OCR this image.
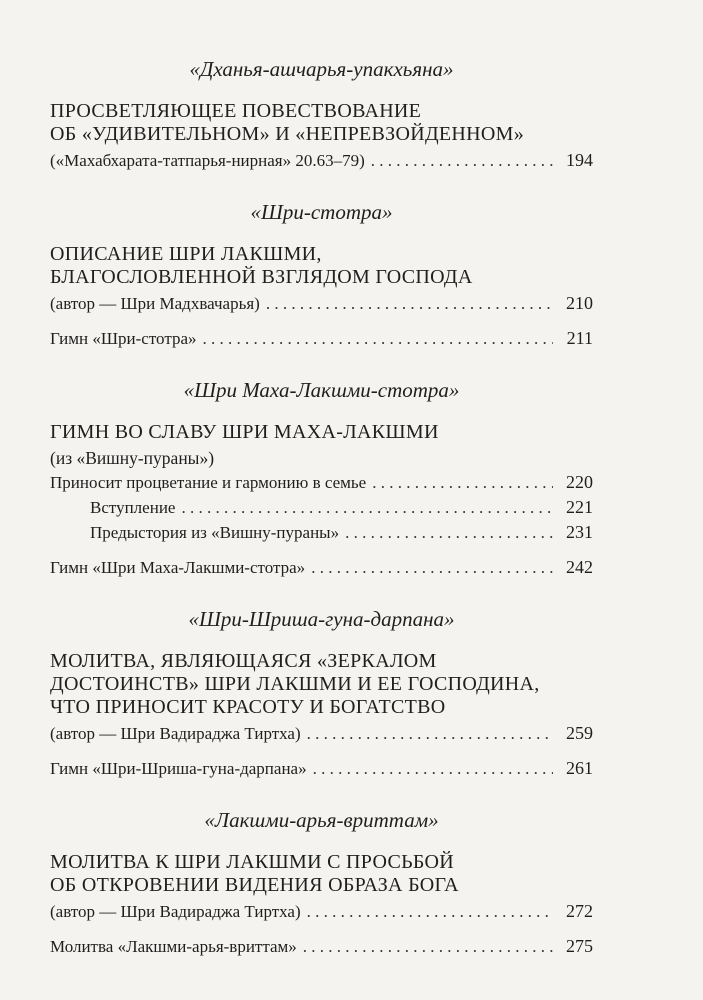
«Дханья-ашчарья-упакхьяна»
ПРОСВЕТЛЯЮЩЕЕ ПОВЕСТВОВАНИЕ
ОБ «УДИВИТЕЛЬНОМ» И «НЕПРЕВЗОЙДЕННОМ»
(«Махабхарата-татпарья-нирная» 20.63–79) . . .	194
«Шри-стотра»
ОПИСАНИЕ ШРИ ЛАКШМИ,
БЛАГОСЛОВЛЕННОЙ ВЗГЛЯДОМ ГОСПОДА
(автор — Шри Мадхвачарья) . . .	210
Гимн «Шри-стотра» . . .	211
«Шри Маха-Лакшми-стотра»
ГИМН ВО СЛАВУ ШРИ МАХА-ЛАКШМИ
(из «Вишну-пураны»)
Приносит процветание и гармонию в семье . . .	220
Вступление . . .	221
Предыстория из «Вишну-пураны» . . .	231
Гимн «Шри Маха-Лакшми-стотра» . . .	242
«Шри-Шриша-гуна-дарпана»
МОЛИТВА, ЯВЛЯЮЩАЯСЯ «ЗЕРКАЛОМ
ДОСТОИНСТВ» ШРИ ЛАКШМИ И ЕЕ ГОСПОДИНА,
ЧТО ПРИНОСИТ КРАСОТУ И БОГАТСТВО
(автор — Шри Вадираджа Тиртха) . . .	259
Гимн «Шри-Шриша-гуна-дарпана» . . .	261
«Лакшми-арья-вриттам»
МОЛИТВА К ШРИ ЛАКШМИ С ПРОСЬБОЙ
ОБ ОТКРОВЕНИИ ВИДЕНИЯ ОБРАЗА БОГА
(автор — Шри Вадираджа Тиртха) . . .	272
Молитва «Лакшми-арья-вриттам» . . .	275
